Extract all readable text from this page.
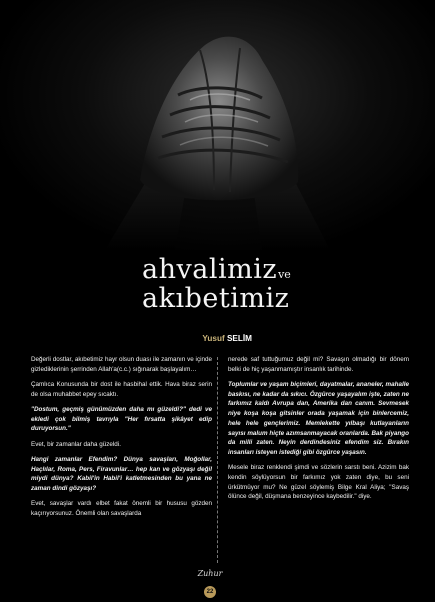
ahvalimizve
akıbetimiz
Yusuf SELİM

Değerli dostlar, akıbetimiz hayr olsun duası ile zamanın ve içinde gizlediklerinin şerrinden Allah'a(c.c.) sığınarak başlayalım…

Çamlıca Konusunda bir dost ile hasbihal ettik. Hava biraz serin de olsa muhabbet epey sıcaktı.

"Dostum, geçmiş günümüzden daha mı güzeldi?" dedi ve ekledi çok bilmiş tavrıyla "Her fırsatta şikâyet edip duruyorsun."

Evet, bir zamanlar daha güzeldi.

Hangi zamanlar Efendim? Dünya savaşları, Moğollar, Haçlılar, Roma, Pers, Firavunlar… hep kan ve gözyaşı değil miydi dünya? Kabil'in Habil'i katletmesinden bu yana ne zaman dindi gözyaşı?

Evet, savaşlar vardı elbet fakat önemli bir hususu gözden kaçırıyorsunuz. Önemli olan savaşlarda

nerede saf tuttuğumuz değil mi? Savaşın olmadığı bir dönem belki de hiç yaşanmamıştır insanlık tarihinde.

Toplumlar ve yaşam biçimleri, dayatmalar, ananeler, mahalle baskısı, ne kadar da sıkıcı. Özgürce yaşayalım işte, zaten ne farkımız kaldı Avrupa dan, Amerika dan canım. Sevmesek niye koşa koşa gitsinler orada yaşamak için binlercemiz, hele hele gençlerimiz. Memlekette yılbaşı kutlayanların sayısı malum hiçte azımsanmayacak oranlarda. Bak piyango da milli zaten. Neyin derdindesiniz efendim siz. Bırakın insanları isteyen istediği gibi özgürce yaşasın.

Mesele biraz renklendi şimdi ve sözlerin sarstı beni. Azizim bak kendin söylüyorsun bir farkımız yok zaten diye, bu seni ürkütmüyor mu? Ne güzel söylemiş Bilge Kral Aliya; "Savaş ölünce değil, düşmana benzeyince kaybedilir." diye.

Zuhur
22
